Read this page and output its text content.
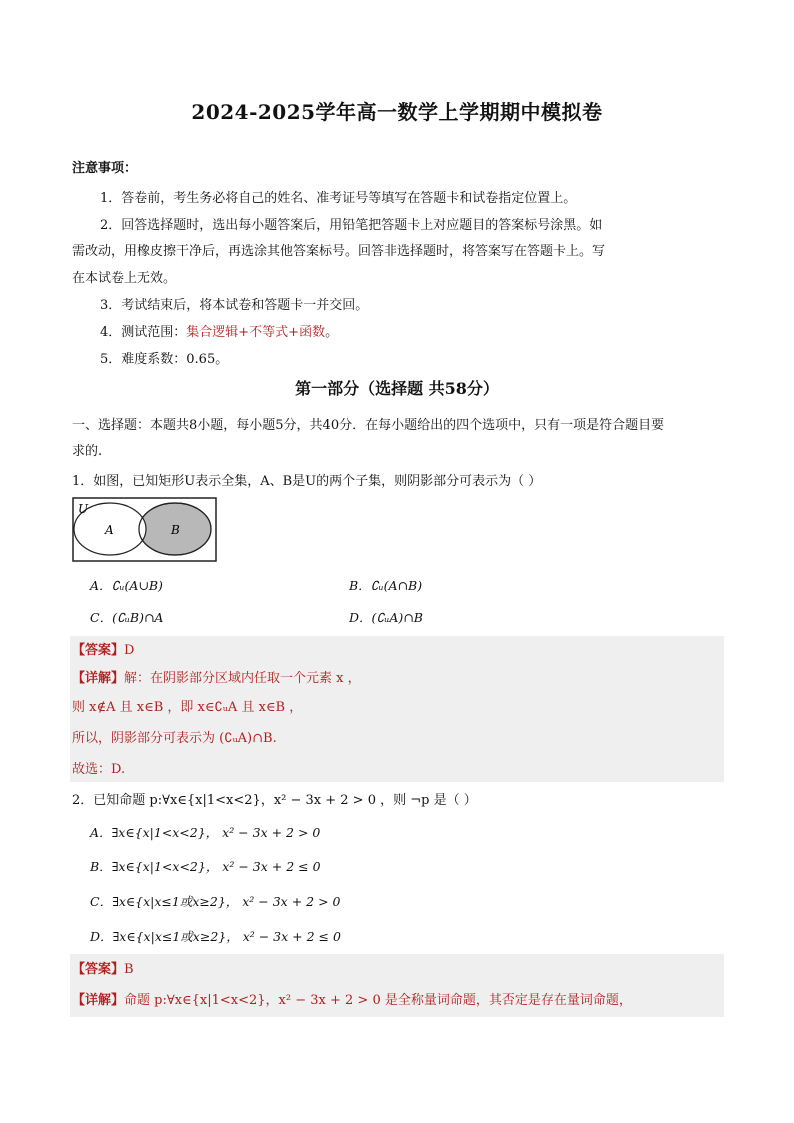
2024-2025学年高一数学上学期期中模拟卷
注意事项：
1．答卷前，考生务必将自己的姓名、准考证号等填写在答题卡和试卷指定位置上。
2．回答选择题时，选出每小题答案后，用铅笔把答题卡上对应题目的答案标号涂黑。如
需改动，用橡皮擦干净后，再选涂其他答案标号。回答非选择题时，将答案写在答题卡上。写
在本试卷上无效。
3．考试结束后，将本试卷和答题卡一并交回。
4．测试范围：集合逻辑+不等式+函数。
5．难度系数：0.65。
第一部分（选择题 共58分）
一、选择题：本题共8小题，每小题5分，共40分．在每小题给出的四个选项中，只有一项是符合题目要
求的.
1．如图，已知矩形U表示全集，A、B是U的两个子集，则阴影部分可表示为（ ）
U
A	B
A．∁ᵤ(A∪B)	B．∁ᵤ(A∩B)
C．(∁ᵤB)∩A	D．(∁ᵤA)∩B
【答案】D
【详解】解：在阴影部分区域内任取一个元素 x ，
则 x∉A 且 x∈B ，即 x∈∁ᵤA 且 x∈B ，
所以，阴影部分可表示为 (∁ᵤA)∩B.
故选：D.
2．已知命题 p:∀x∈{x|1<x<2}，x² − 3x + 2 > 0 ，则 ¬p 是（ ）
A．∃x∈{x|1<x<2}， x² − 3x + 2 > 0
B．∃x∈{x|1<x<2}， x² − 3x + 2 ≤ 0
C．∃x∈{x|x≤1或x≥2}， x² − 3x + 2 > 0
D．∃x∈{x|x≤1或x≥2}， x² − 3x + 2 ≤ 0
【答案】B
【详解】命题 p:∀x∈{x|1<x<2}，x² − 3x + 2 > 0 是全称量词命题，其否定是存在量词命题，
